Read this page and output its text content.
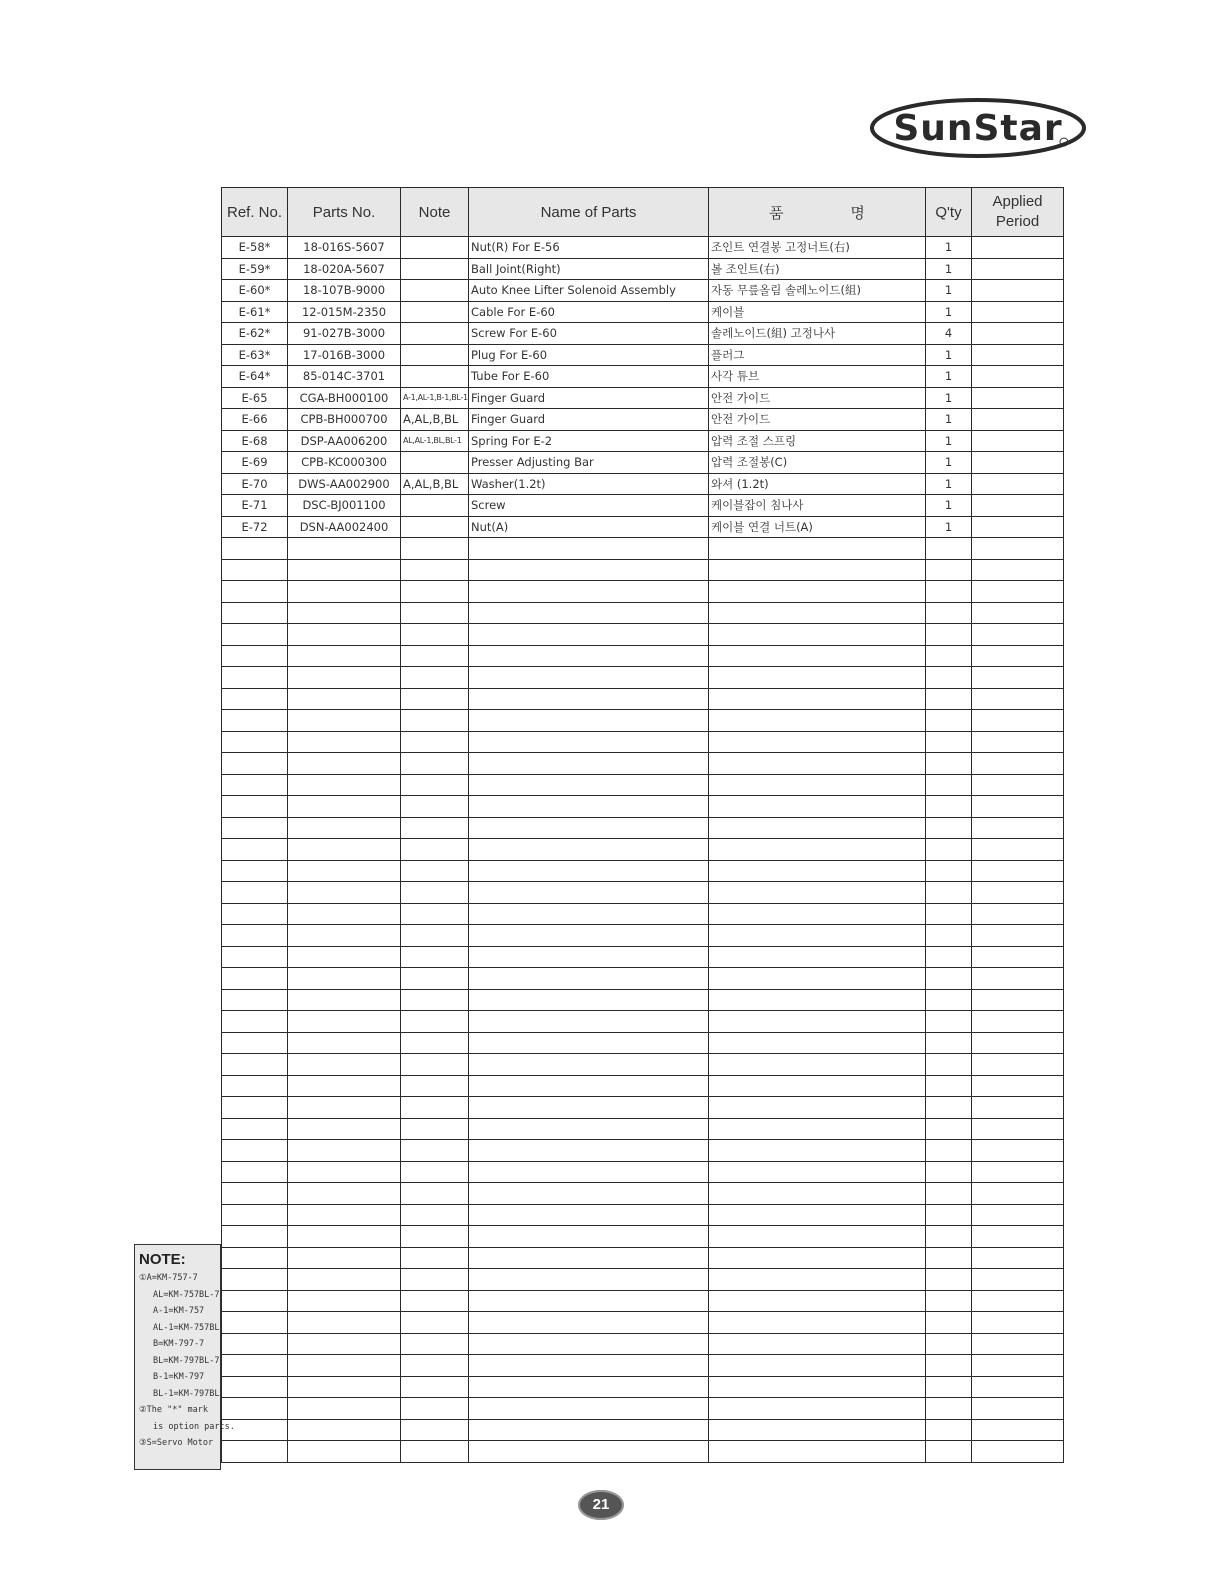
SunStar
Ref. No.	Parts No.	Note	Name of Parts	품                명	Q'ty	Applied Period
E-58*	18-016S-5607		Nut(R) For E-56	조인트 연결봉 고정너트(右)	1	
E-59*	18-020A-5607		Ball Joint(Right)	볼 조인트(右)	1	
E-60*	18-107B-9000		Auto Knee Lifter Solenoid Assembly	자동 무릎올림 솔레노이드(組)	1	
E-61*	12-015M-2350		Cable For E-60	케이블	1	
E-62*	91-027B-3000		Screw For E-60	솔레노이드(組) 고정나사	4	
E-63*	17-016B-3000		Plug For E-60	플러그	1	
E-64*	85-014C-3701		Tube For E-60	사각 튜브	1	
E-65	CGA-BH000100	A-1,AL-1,B-1,BL-1	Finger Guard	안전 가이드	1	
E-66	CPB-BH000700	A,AL,B,BL	Finger Guard	안전 가이드	1	
E-68	DSP-AA006200	AL,AL-1,BL,BL-1	Spring For E-2	압력 조절 스프링	1	
E-69	CPB-KC000300		Presser Adjusting Bar	압력 조절봉(C)	1	
E-70	DWS-AA002900	A,AL,B,BL	Washer(1.2t)	와셔 (1.2t)	1	
E-71	DSC-BJ001100		Screw	케이블잡이 침나사	1	
E-72	DSN-AA002400		Nut(A)	케이블 연결 너트(A)	1	

NOTE:
①A=KM-757-7
AL=KM-757BL-7
A-1=KM-757
AL-1=KM-757BL
B=KM-797-7
BL=KM-797BL-7
B-1=KM-797
BL-1=KM-797BL
②The "*" mark
is option parts.
③S=Servo Motor
21
